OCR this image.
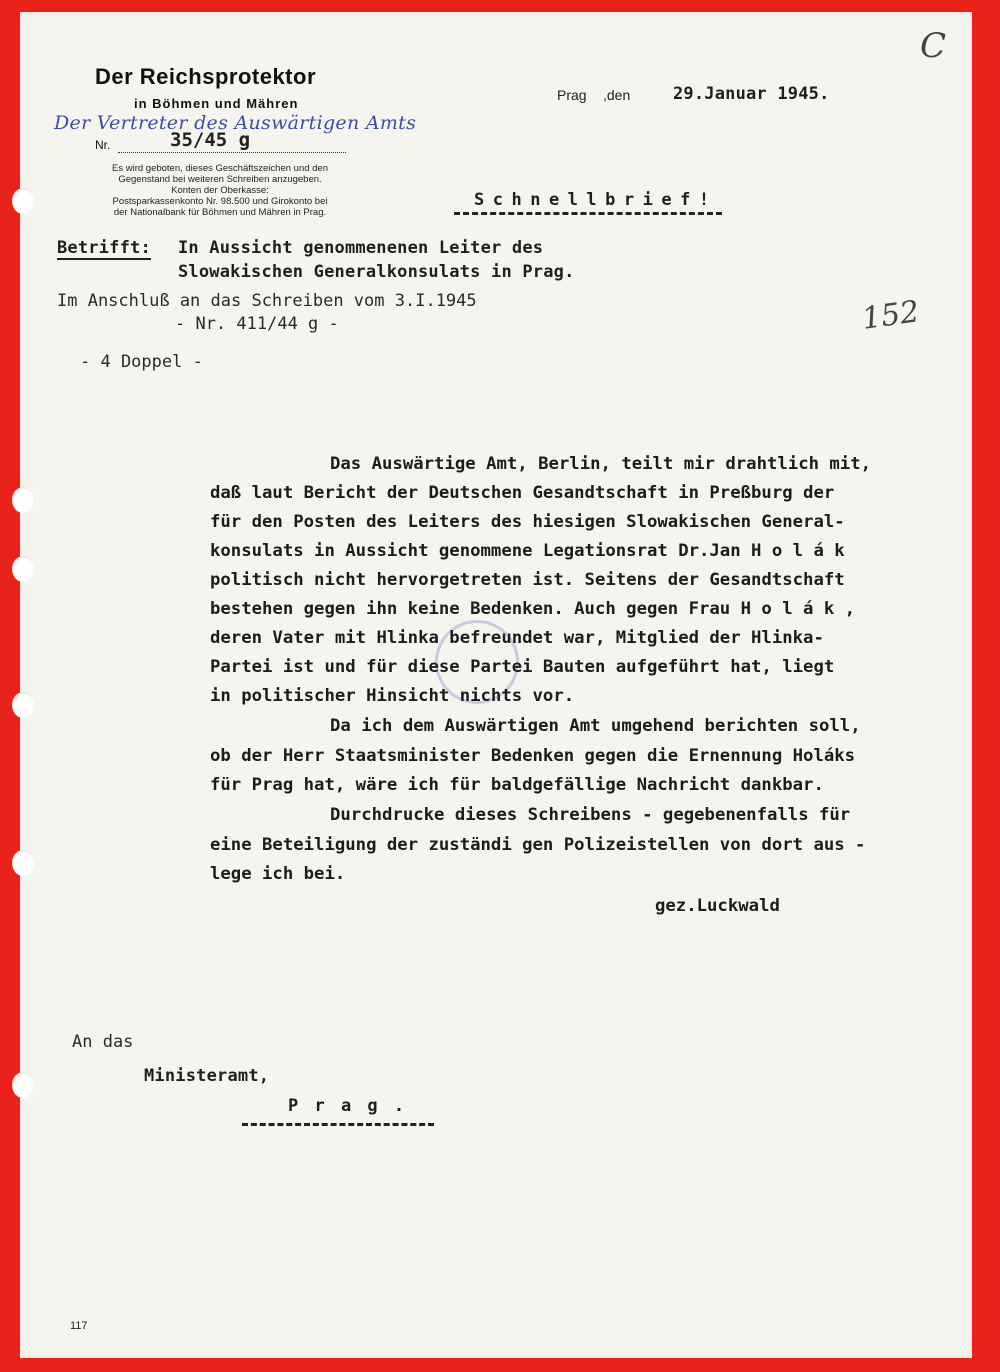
Der Reichsprotektor
in Böhmen und Mähren
Der Vertreter des Auswärtigen Amts
Nr.	35/45 g
Es wird geboten, dieses Geschäftszeichen und den
Gegenstand bei weiteren Schreiben anzugeben.
Konten der Oberkasse:
Postsparkassenkonto Nr. 98.500 und Girokonto bei
der Nationalbank für Böhmen und Mähren in Prag.
Prag ,den	29.Januar 1945.
C
152
Schnellbrief!
Betrifft: In Aussicht genommenenen Leiter des
Slowakischen Generalkonsulats in Prag.
Im Anschluß an das Schreiben vom 3.I.1945
- Nr. 411/44 g -
- 4 Doppel -
Das Auswärtige Amt, Berlin, teilt mir drahtlich mit,
daß laut Bericht der Deutschen Gesandtschaft in Preßburg der
für den Posten des Leiters des hiesigen Slowakischen General-
konsulats in Aussicht genommene Legationsrat Dr.Jan H o l á k
politisch nicht hervorgetreten ist. Seitens der Gesandtschaft
bestehen gegen ihn keine Bedenken. Auch gegen Frau H o l á k ,
deren Vater mit Hlinka befreundet war, Mitglied der Hlinka-
Partei ist und für diese Partei Bauten aufgeführt hat, liegt
in politischer Hinsicht nichts vor.
Da ich dem Auswärtigen Amt umgehend berichten soll,
ob der Herr Staatsminister Bedenken gegen die Ernennung Holáks
für Prag hat, wäre ich für baldgefällige Nachricht dankbar.
Durchdrucke dieses Schreibens - gegebenenfalls für
eine Beteiligung der zuständi gen Polizeistellen von dort aus -
lege ich bei.
gez.Luckwald
An das
Ministeramt,
P r a g .
117
